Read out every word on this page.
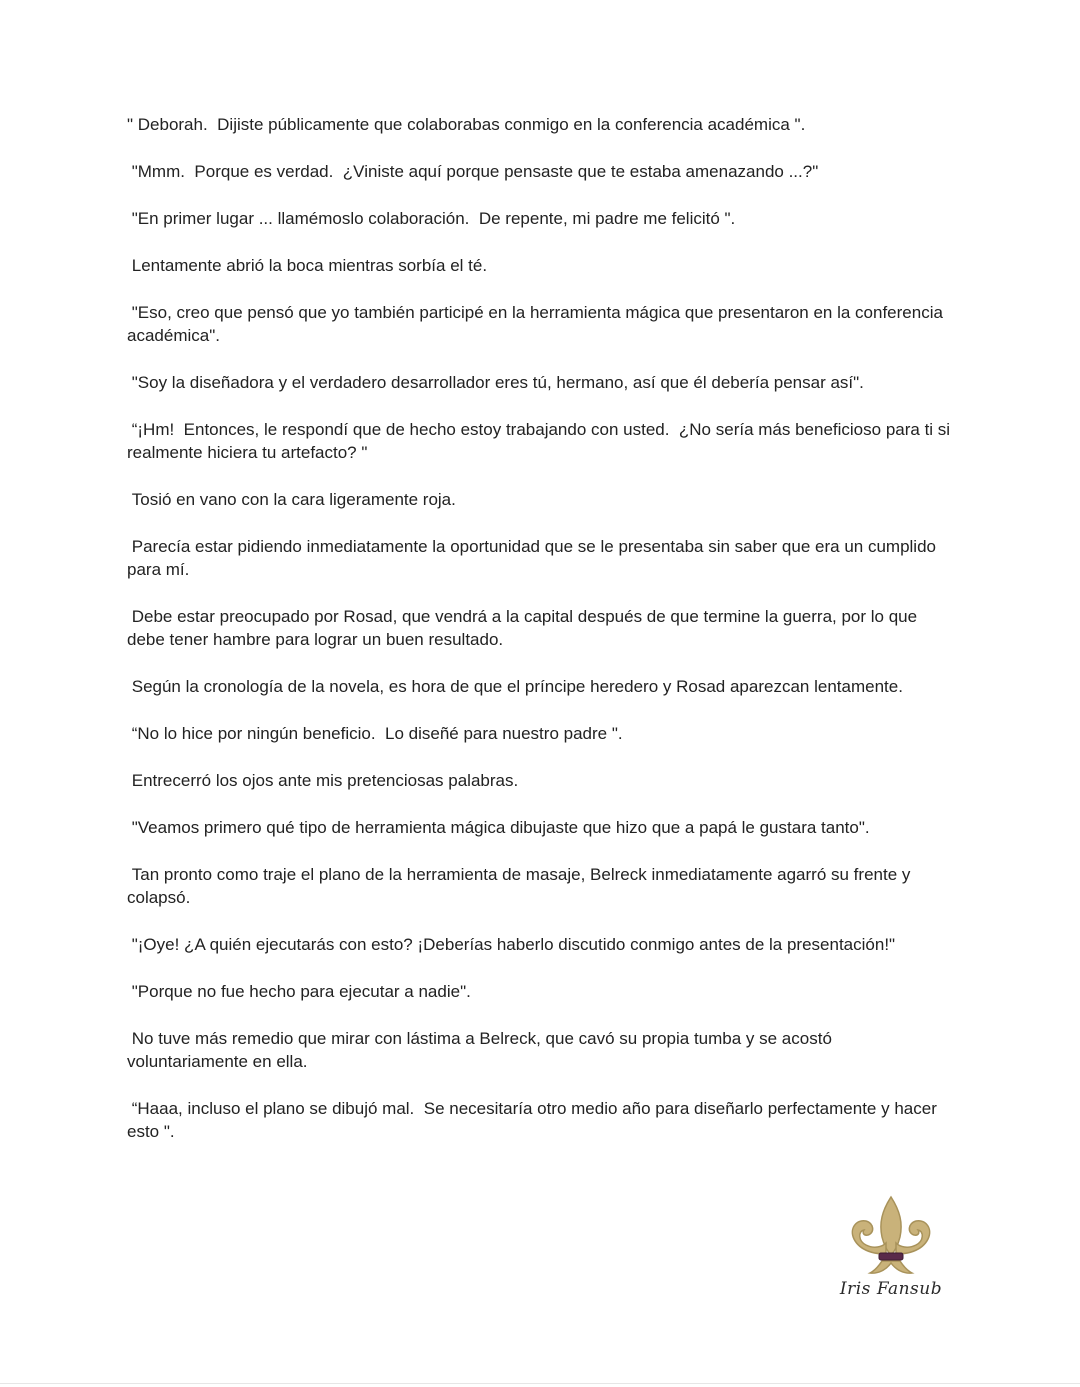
" Deborah.  Dijiste públicamente que colaborabas conmigo en la conferencia académica ".

"Mmm.  Porque es verdad.  ¿Viniste aquí porque pensaste que te estaba amenazando ...?"

"En primer lugar ... llamémoslo colaboración.  De repente, mi padre me felicitó ".

Lentamente abrió la boca mientras sorbía el té.

"Eso, creo que pensó que yo también participé en la herramienta mágica que presentaron en la conferencia académica".

"Soy la diseñadora y el verdadero desarrollador eres tú, hermano, así que él debería pensar así".

“¡Hm!  Entonces, le respondí que de hecho estoy trabajando con usted.  ¿No sería más beneficioso para ti si realmente hiciera tu artefacto? "

Tosió en vano con la cara ligeramente roja.

Parecía estar pidiendo inmediatamente la oportunidad que se le presentaba sin saber que era un cumplido para mí.

Debe estar preocupado por Rosad, que vendrá a la capital después de que termine la guerra, por lo que debe tener hambre para lograr un buen resultado.

Según la cronología de la novela, es hora de que el príncipe heredero y Rosad aparezcan lentamente.

“No lo hice por ningún beneficio.  Lo diseñé para nuestro padre ".

Entrecerró los ojos ante mis pretenciosas palabras.

"Veamos primero qué tipo de herramienta mágica dibujaste que hizo que a papá le gustara tanto".

Tan pronto como traje el plano de la herramienta de masaje, Belreck inmediatamente agarró su frente y colapsó.

"¡Oye! ¿A quién ejecutarás con esto? ¡Deberías haberlo discutido conmigo antes de la presentación!"

"Porque no fue hecho para ejecutar a nadie".

No tuve más remedio que mirar con lástima a Belreck, que cavó su propia tumba y se acostó voluntariamente en ella.

“Haaa, incluso el plano se dibujó mal.  Se necesitaría otro medio año para diseñarlo perfectamente y hacer esto ".

Iris Fansub
